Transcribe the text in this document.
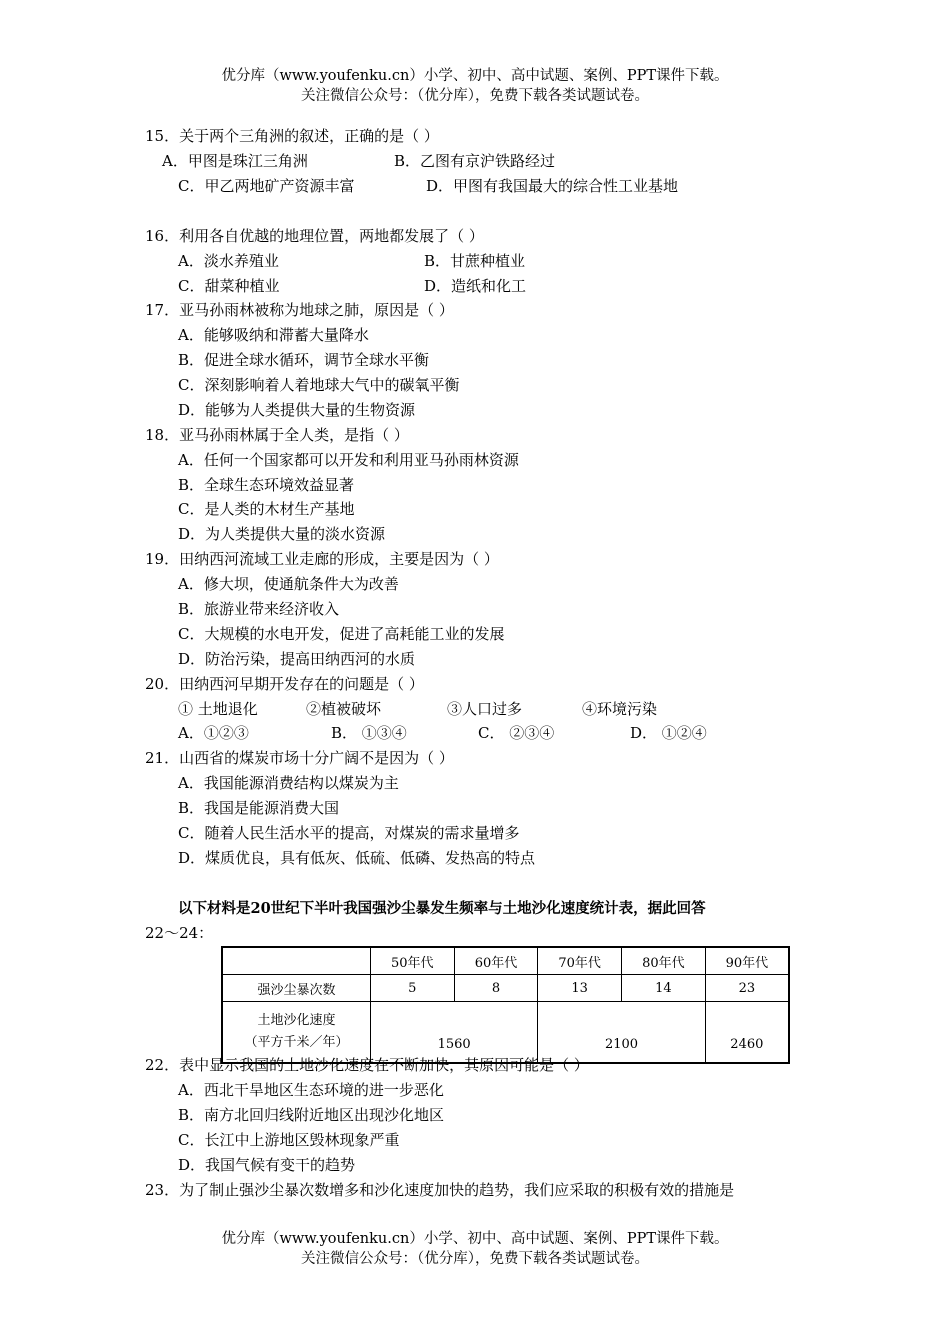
优分库（www.youfenku.cn）小学、初中、高中试题、案例、PPT课件下载。
关注微信公众号：（优分库），免费下载各类试题试卷。
15．关于两个三角洲的叙述，正确的是（ ）
A．甲图是珠江三角洲	B．乙图有京沪铁路经过
C．甲乙两地矿产资源丰富	D．甲图有我国最大的综合性工业基地
16．利用各自优越的地理位置，两地都发展了（ ）
A．淡水养殖业	B．甘蔗种植业
C．甜菜种植业	D．造纸和化工
17．亚马孙雨林被称为地球之肺，原因是（ ）
A．能够吸纳和滞蓄大量降水
B．促进全球水循环，调节全球水平衡
C．深刻影响着人着地球大气中的碳氧平衡
D．能够为人类提供大量的生物资源
18．亚马孙雨林属于全人类，是指（ ）
A．任何一个国家都可以开发和利用亚马孙雨林资源
B．全球生态环境效益显著
C．是人类的木材生产基地
D．为人类提供大量的淡水资源
19．田纳西河流域工业走廊的形成，主要是因为（ ）
A．修大坝，使通航条件大为改善
B．旅游业带来经济收入
C．大规模的水电开发，促进了高耗能工业的发展
D．防治污染，提高田纳西河的水质
20．田纳西河早期开发存在的问题是（ ）
① 土地退化	②植被破坏	③人口过多	④环境污染
A．①②③	B． ①③④	C． ②③④	D． ①②④
21．山西省的煤炭市场十分广阔不是因为（ ）
A．我国能源消费结构以煤炭为主
B．我国是能源消费大国
C．随着人民生活水平的提高，对煤炭的需求量增多
D．煤质优良，具有低灰、低硫、低磷、发热高的特点
以下材料是20世纪下半叶我国强沙尘暴发生频率与土地沙化速度统计表，据此回答
22～24：
	50年代	60年代	70年代	80年代	90年代
强沙尘暴次数	5	8	13	14	23

土地沙化速度
（平方千米／年）	1560		2100		2460
22．表中显示我国的土地沙化速度在不断加快，其原因可能是（ ）
A．西北干旱地区生态环境的进一步恶化
B．南方北回归线附近地区出现沙化地区
C．长江中上游地区毁林现象严重
D．我国气候有变干的趋势
23．为了制止强沙尘暴次数增多和沙化速度加快的趋势，我们应采取的积极有效的措施是
优分库（www.youfenku.cn）小学、初中、高中试题、案例、PPT课件下载。
关注微信公众号：（优分库），免费下载各类试题试卷。
